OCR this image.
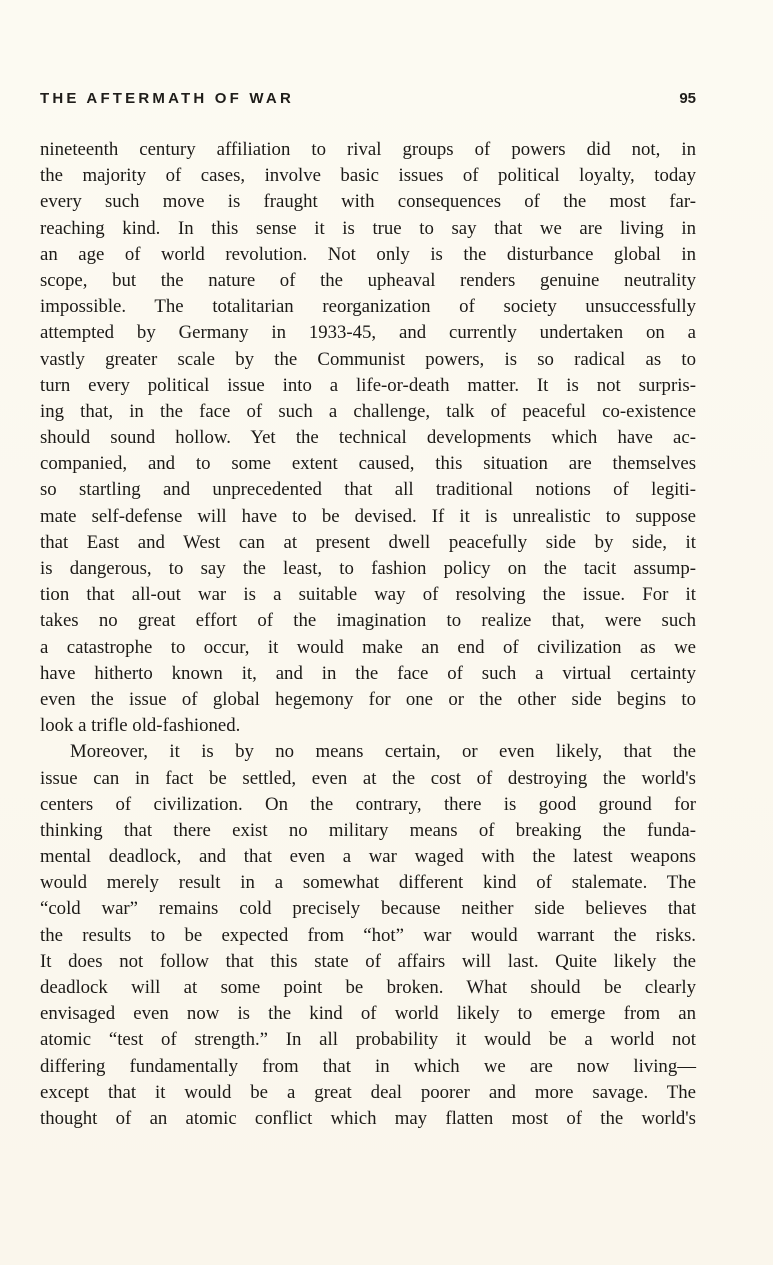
THE AFTERMATH OF WAR	95
nineteenth century affiliation to rival groups of powers did not, in
the majority of cases, involve basic issues of political loyalty, today
every such move is fraught with consequences of the most far-
reaching kind. In this sense it is true to say that we are living in
an age of world revolution. Not only is the disturbance global in
scope, but the nature of the upheaval renders genuine neutrality
impossible. The totalitarian reorganization of society unsuccessfully
attempted by Germany in 1933-45, and currently undertaken on a
vastly greater scale by the Communist powers, is so radical as to
turn every political issue into a life-or-death matter. It is not surpris-
ing that, in the face of such a challenge, talk of peaceful co-existence
should sound hollow. Yet the technical developments which have ac-
companied, and to some extent caused, this situation are themselves
so startling and unprecedented that all traditional notions of legiti-
mate self-defense will have to be devised. If it is unrealistic to suppose
that East and West can at present dwell peacefully side by side, it
is dangerous, to say the least, to fashion policy on the tacit assump-
tion that all-out war is a suitable way of resolving the issue. For it
takes no great effort of the imagination to realize that, were such
a catastrophe to occur, it would make an end of civilization as we
have hitherto known it, and in the face of such a virtual certainty
even the issue of global hegemony for one or the other side begins to
look a trifle old-fashioned.
Moreover, it is by no means certain, or even likely, that the
issue can in fact be settled, even at the cost of destroying the world's
centers of civilization. On the contrary, there is good ground for
thinking that there exist no military means of breaking the funda-
mental deadlock, and that even a war waged with the latest weapons
would merely result in a somewhat different kind of stalemate. The
“cold war” remains cold precisely because neither side believes that
the results to be expected from “hot” war would warrant the risks.
It does not follow that this state of affairs will last. Quite likely the
deadlock will at some point be broken. What should be clearly
envisaged even now is the kind of world likely to emerge from an
atomic “test of strength.” In all probability it would be a world not
differing fundamentally from that in which we are now living—
except that it would be a great deal poorer and more savage. The
thought of an atomic conflict which may flatten most of the world's
